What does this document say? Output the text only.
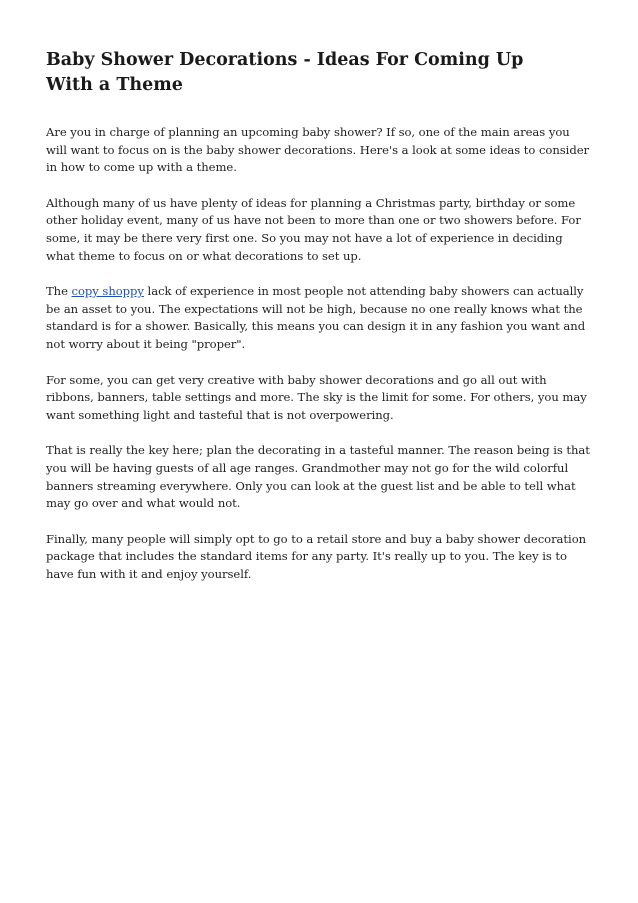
Baby Shower Decorations - Ideas For Coming Up With a Theme

Are you in charge of planning an upcoming baby shower? If so, one of the main areas you will want to focus on is the baby shower decorations. Here's a look at some ideas to consider in how to come up with a theme.

Although many of us have plenty of ideas for planning a Christmas party, birthday or some other holiday event, many of us have not been to more than one or two showers before. For some, it may be there very first one. So you may not have a lot of experience in deciding what theme to focus on or what decorations to set up.

The copy shoppy lack of experience in most people not attending baby showers can actually be an asset to you. The expectations will not be high, because no one really knows what the standard is for a shower. Basically, this means you can design it in any fashion you want and not worry about it being "proper".

For some, you can get very creative with baby shower decorations and go all out with ribbons, banners, table settings and more. The sky is the limit for some. For others, you may want something light and tasteful that is not overpowering.

That is really the key here; plan the decorating in a tasteful manner. The reason being is that you will be having guests of all age ranges. Grandmother may not go for the wild colorful banners streaming everywhere. Only you can look at the guest list and be able to tell what may go over and what would not.

Finally, many people will simply opt to go to a retail store and buy a baby shower decoration package that includes the standard items for any party. It's really up to you. The key is to have fun with it and enjoy yourself.
